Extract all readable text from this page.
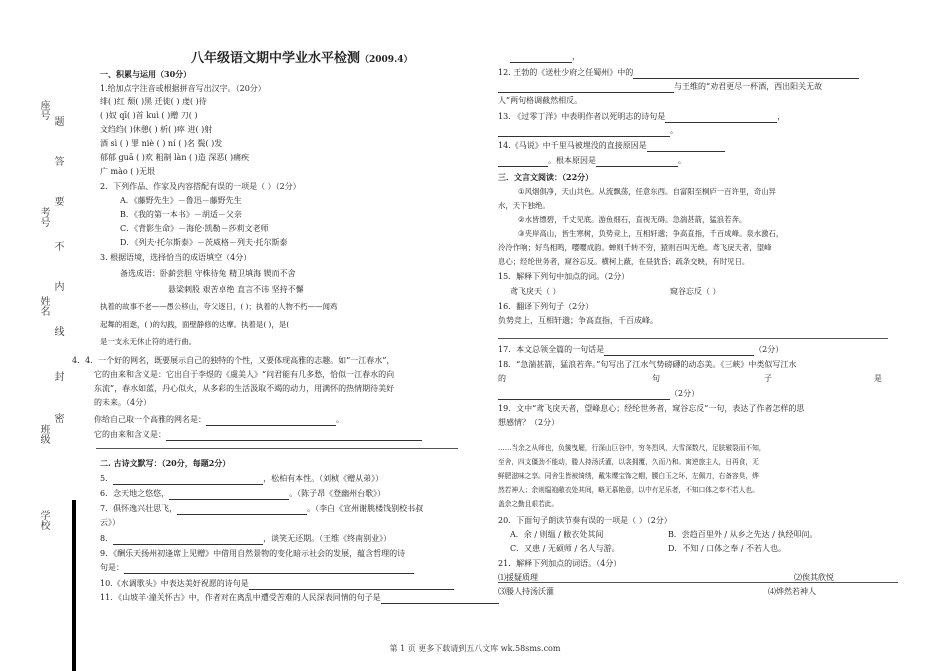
座号
考号
姓名
班级
学校
题
答
要
不
内
线
封
密
八年级语文期中学业水平检测（2009.4）
一、积累与运用（30分）
1.给加点字注音或根据拼音写出汉字。（20分）
绯( )红 颓( )黑 迁徙( ) 虔( )待
( )奴 qī( )首 kuì ( )赠 ⼑( )
文绉绉( )休憩( ) 析( )瘁 进( )射
酒 sì ( ) 罪 niè ( ) ní ( )名 鬓( )发
郁郁 guā ( )欢 粗制 làn ( )造 深恶( )痛疾
广 mào ( )无垠
2．下列作品、作家及内容搭配有误的一项是（ ）（2分）
A．《藤野先生》－鲁迅－藤野先生
B．《我的第一本书》－胡适－父亲
C．《背影生命》－海伦·凯勒－莎莉文老师
D．《列夫·托尔斯泰》－茨威格－列夫·托尔斯泰
3. 根据语境，选择恰当的成语填空（4分）
备选成语：卧薪尝胆 守株待兔 精卫填海 锲而不舍
悬梁刺股 艰苦卓绝 直言不讳 坚持不懈
执着的故事不老——愚公移山，夸父逐日，( )；执着的人物不朽——闻鸡
起舞的祖逖，( )的勾践，面壁静修的达摩。执着是( )，是(
是一支永无休止符的进行曲。
4．4．一个好的网名，既要展示自己的独特的个性，又要体现高雅的志趣。如“一江春水”，
它的由来和含义是：它出自于李煜的《虞美人》“问君能有几多愁，恰似一江春水的向
东流”，春水如蓝，丹心似火，从多彩的生活汲取不竭的动力，用满怀的热情期待美好
的未来。（4分）
你给自己取一个高雅的网名是：	。
它的由来和含义是：
二. 古诗文默写：（20分，每题2分）
5．	，松柏有本性。（刘桢《赠从弟》）
6．念天地之悠悠，	。（陈子昂《登幽州台歌》）
7．俱怀逸兴壮思飞，	。（李白《宣州谢朓楼饯别校书叔
云》）
8．	，谈笑无还期。（王维《终南别业》）
9．《酬乐天扬州初逢席上见赠》中借用自然景物的变化暗示社会的发展，蕴含哲理的诗
句是：
10.《水调歌头》中表达美好祝愿的诗句是
11．《山坡羊·潼关怀古》中，作者对在离乱中遭受苦难的人民深表同情的句子是
，
12. 王勃的《送杜少府之任蜀州》中的
与王维的“劝君更尽一杯酒，西出阳关无故
人”两句格调截然相反。
13. 《过零丁洋》中表明作者以死明志的诗句是	，
。
14.《马说》中千里马被埋没的直接原因是
。根本原因是	。
三．文言文阅读：（22分）
①风烟俱净，天山共色。从流飘荡，任意东西。自富阳至桐庐一百许里，奇山异
水，天下独绝。
②水皆缥碧，千丈见底。游鱼细石，直视无碍。急湍甚箭，猛浪若奔。
③夹岸高山，皆生寒树，负势竞上，互相轩邈；争高直指，千百成峰。泉水激石，
泠泠作响；好鸟相鸣，嘤嘤成韵。蝉则千转不穷，猿则百叫无绝。鸢飞戾天者，望峰
息心；经纶世务者，窥谷忘反。横柯上蔽，在昼犹昏；疏条交映，有时见日。
15．解释下列句中加点的词。（2分）
鸢飞戾天（ ）	窥谷忘反（ ）
16．翻译下列句子（2分）
负势竞上，互相轩邈；争高直指，千百成峰。
17．本文总领全篇的一句话是	（2分）
18．“急湍甚箭，猛浪若奔。”句写出了江水气势磅礴的动态美。《三峡》中类似写江水
的	句	子	是
（2分）
19．文中“鸢飞戾天者，望峰息心；经纶世务者，窥谷忘反”一句，表达了作者怎样的思
想感情？（2分）
……当余之从师也，负箧曳屣，行深山巨谷中，穷冬烈风，大雪深数尺，足肤皲裂而不知，
至舍，四支僵劲不能动，媵人持汤沃灌，以衾拥覆，久而乃和。寓逆旅主人，日再食，无
鲜肥滋味之享。同舍生皆被绮绣，戴朱缨宝饰之帽，腰白玉之环，左佩刀，右备容臭，烨
然若神人；余则缊袍敝衣处其间，略无慕艳意，以中有足乐者，不知口体之奉不若人也。
盖余之勤且艰若此。
20．下面句子朗读节奏有误的一项是（ ）（2分）
A．余 / 则缊 / 敝衣处其间	B．尝趋百里外 / 从乡之先达 / 执经叩问。
C．又患 / 无硕师 / 名人与游。	D．不知 / 口体之奉 / 不若人也。
21．解释下列加点的词语。（4分）
⑴援疑质理	⑵俟其欣悦
⑶媵人持汤沃灌	⑷烨然若神人
第 1 页 更多下载请到五八文库 wk.58sms.com
